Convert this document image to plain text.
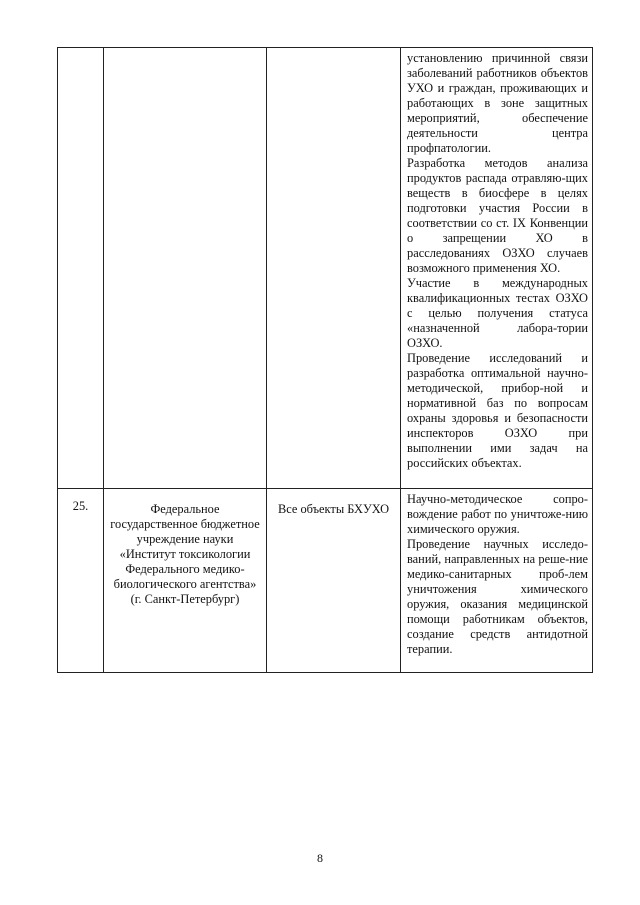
			установлению причинной связи заболеваний работников объектов УХО и граждан, проживающих и работающих в зоне защитных мероприятий, обеспечение деятельности центра профпатологии.

Разработка методов анализа продуктов распада отравляю-щих веществ в биосфере в целях подготовки участия России в соответствии со ст. IX Конвенции о запрещении ХО в расследованиях ОЗХО случаев возможного применения ХО.

Участие в международных квалификационных тестах ОЗХО с целью получения статуса «назначенной лабора-тории ОЗХО.

Проведение исследований и разработка оптимальной научно-методической, прибор-ной и нормативной баз по вопросам охраны здоровья и безопасности инспекторов ОЗХО при выполнении ими задач на российских объектах.

25.	Федеральное государственное бюджетное учреждение науки «Институт токсикологии Федерального медико-биологического агентства» (г. Санкт-Петербург)	Все объекты БХУХО	Научно-методическое сопро-вождение работ по уничтоже-нию химического оружия.

Проведение научных исследо-ваний, направленных на реше-ние медико-санитарных проб-лем уничтожения химического оружия, оказания медицинской помощи работникам объектов, создание средств антидотной терапии.

8
